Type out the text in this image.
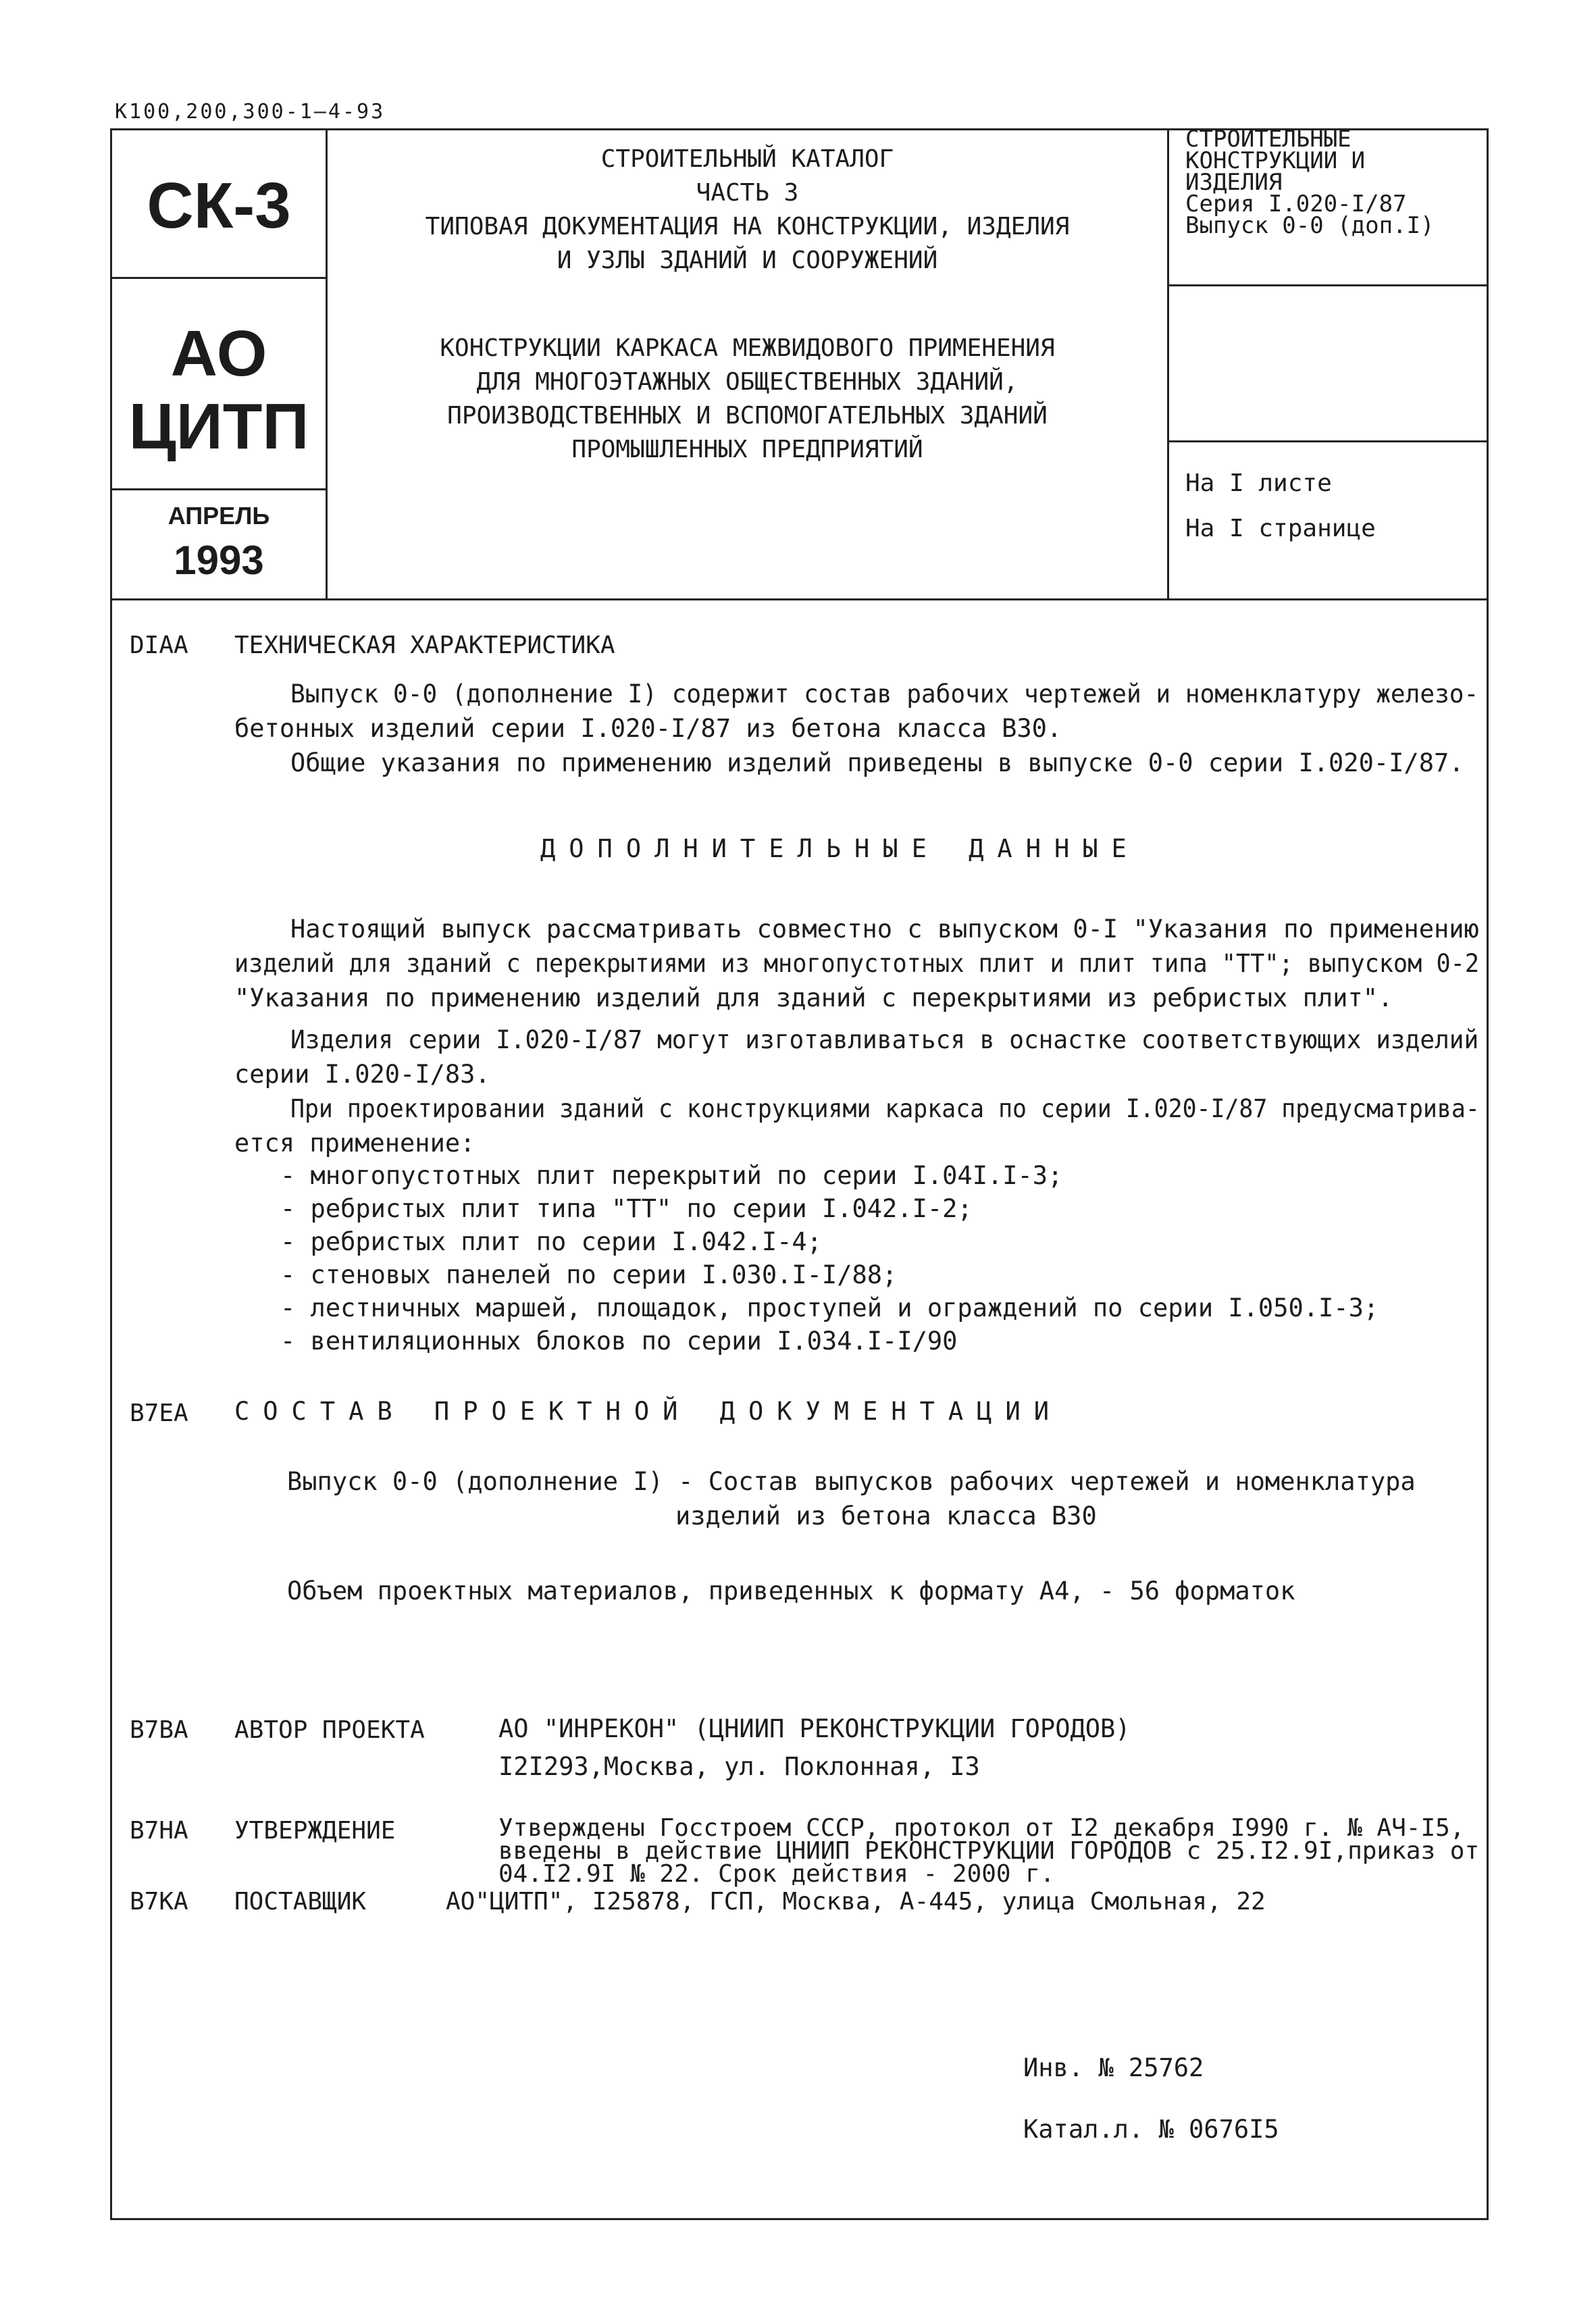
К100,200,300-1—4-93
СК-3
АО
ЦИТП
АПРЕЛЬ
1993
СТРОИТЕЛЬНЫЙ КАТАЛОГ
ЧАСТЬ 3
ТИПОВАЯ ДОКУМЕНТАЦИЯ НА КОНСТРУКЦИИ, ИЗДЕЛИЯ
И УЗЛЫ ЗДАНИЙ И СООРУЖЕНИЙ
КОНСТРУКЦИИ КАРКАСА МЕЖВИДОВОГО ПРИМЕНЕНИЯ
ДЛЯ МНОГОЭТАЖНЫХ ОБЩЕСТВЕННЫХ ЗДАНИЙ,
ПРОИЗВОДСТВЕННЫХ И ВСПОМОГАТЕЛЬНЫХ ЗДАНИЙ
ПРОМЫШЛЕННЫХ ПРЕДПРИЯТИЙ
СТРОИТЕЛЬНЫЕ
КОНСТРУКЦИИ И
ИЗДЕЛИЯ
Серия I.020-I/87
Выпуск 0-0 (доп.I)
На I листе
На I странице
DIAA ТЕХНИЧЕСКАЯ ХАРАКТЕРИСТИКА
Выпуск 0-0 (дополнение I) содержит состав рабочих чертежей и номенклатуру железо-
бетонных изделий серии I.020-I/87 из бетона класса В30.
Общие указания по применению изделий приведены в выпуске 0-0 серии I.020-I/87.
ДОПОЛНИТЕЛЬНЫЕ ДАННЫЕ
Настоящий выпуск рассматривать совместно с выпуском 0-I "Указания по применению
изделий для зданий с перекрытиями из многопустотных плит и плит типа "ТТ"; выпуском 0-2
"Указания по применению изделий для зданий с перекрытиями из ребристых плит".
Изделия серии I.020-I/87 могут изготавливаться в оснастке соответствующих изделий
серии I.020-I/83.
При проектировании зданий с конструкциями каркаса по серии I.020-I/87 предусматрива-
ется применение:
- многопустотных плит перекрытий по серии I.04I.I-3;
- ребристых плит типа "ТТ" по серии I.042.I-2;
- ребристых плит по серии I.042.I-4;
- стеновых панелей по серии I.030.I-I/88;
- лестничных маршей, площадок, проступей и ограждений по серии I.050.I-3;
- вентиляционных блоков по серии I.034.I-I/90
В7ЕА СОСТАВ ПРОЕКТНОЙ ДОКУМЕНТАЦИИ
Выпуск 0-0 (дополнение I) - Состав выпусков рабочих чертежей и номенклатура
изделий из бетона класса В30
Объем проектных материалов, приведенных к формату А4, - 56 форматок
В7ВА АВТОР ПРОЕКТА	АО "ИНРЕКОН" (ЦНИИП РЕКОНСТРУКЦИИ ГОРОДОВ)
I2I293,Москва, ул. Поклонная, I3
В7НА УТВЕРЖДЕНИЕ	Утверждены Госстроем СССР, протокол от I2 декабря I990 г. № АЧ-I5,
введены в действие ЦНИИП РЕКОНСТРУКЦИИ ГОРОДОВ с 25.I2.9I,приказ от
04.I2.9I № 22. Срок действия - 2000 г.
В7КА ПОСТАВЩИК	АО"ЦИТП", I25878, ГСП, Москва, А-445, улица Смольная, 22
Инв. № 25762
Катал.л. № 0676I5
